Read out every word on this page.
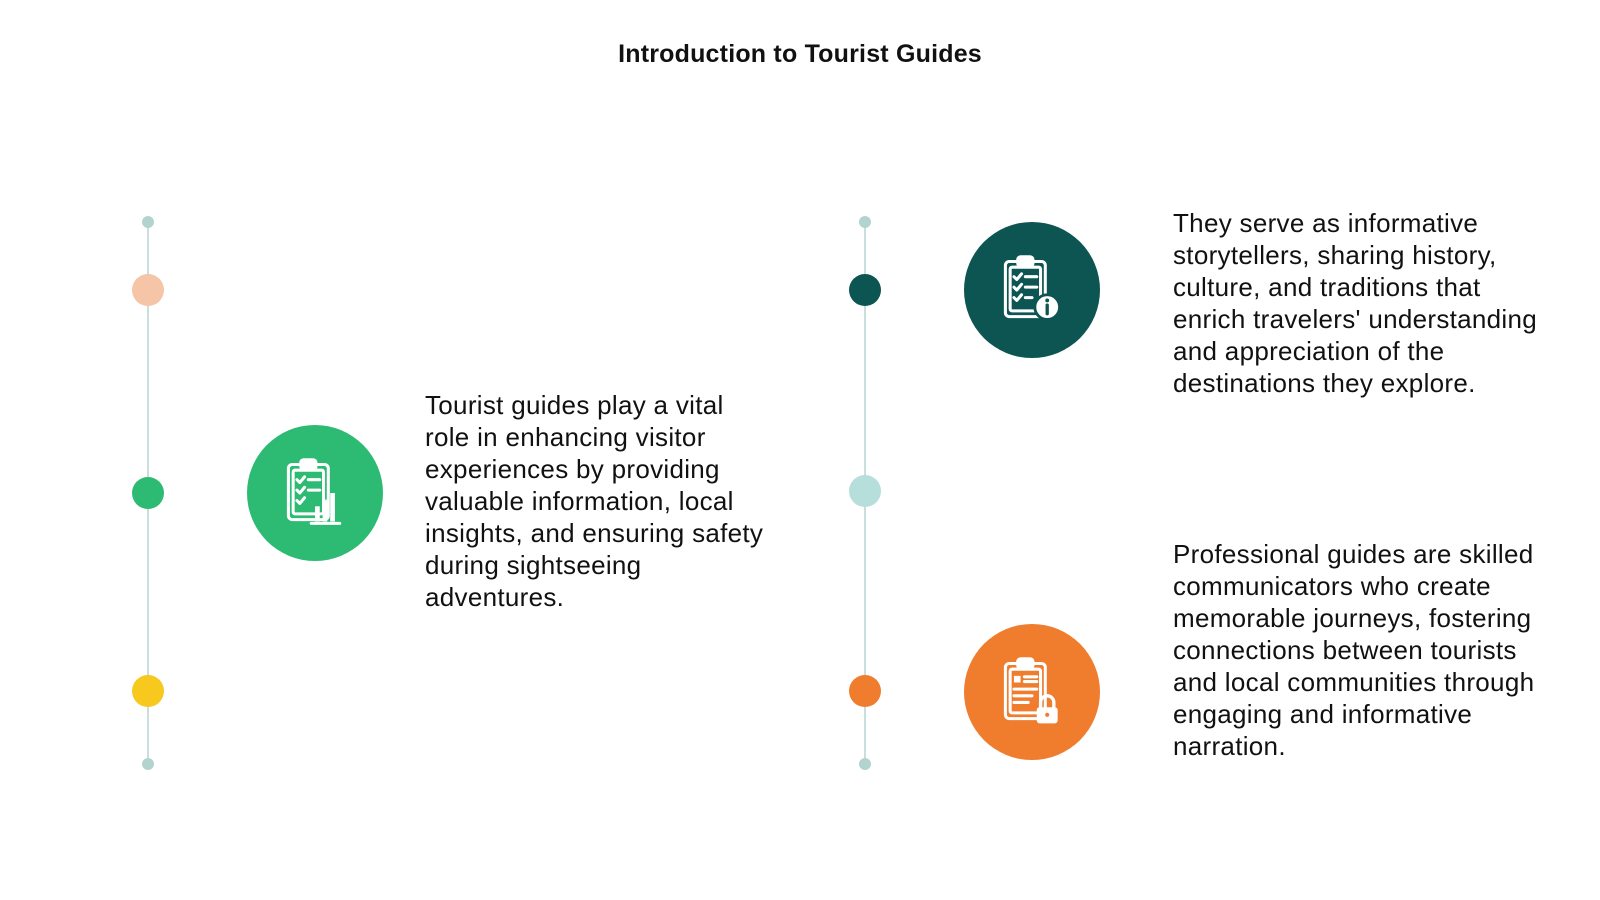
Introduction to Tourist Guides
Tourist guides play a vital role in enhancing visitor experiences by providing valuable information, local insights, and ensuring safety during sightseeing adventures.
They serve as informative storytellers, sharing history, culture, and traditions that enrich travelers' understanding and appreciation of the destinations they explore.
Professional guides are skilled communicators who create memorable journeys, fostering connections between tourists and local communities through engaging and informative narration.
